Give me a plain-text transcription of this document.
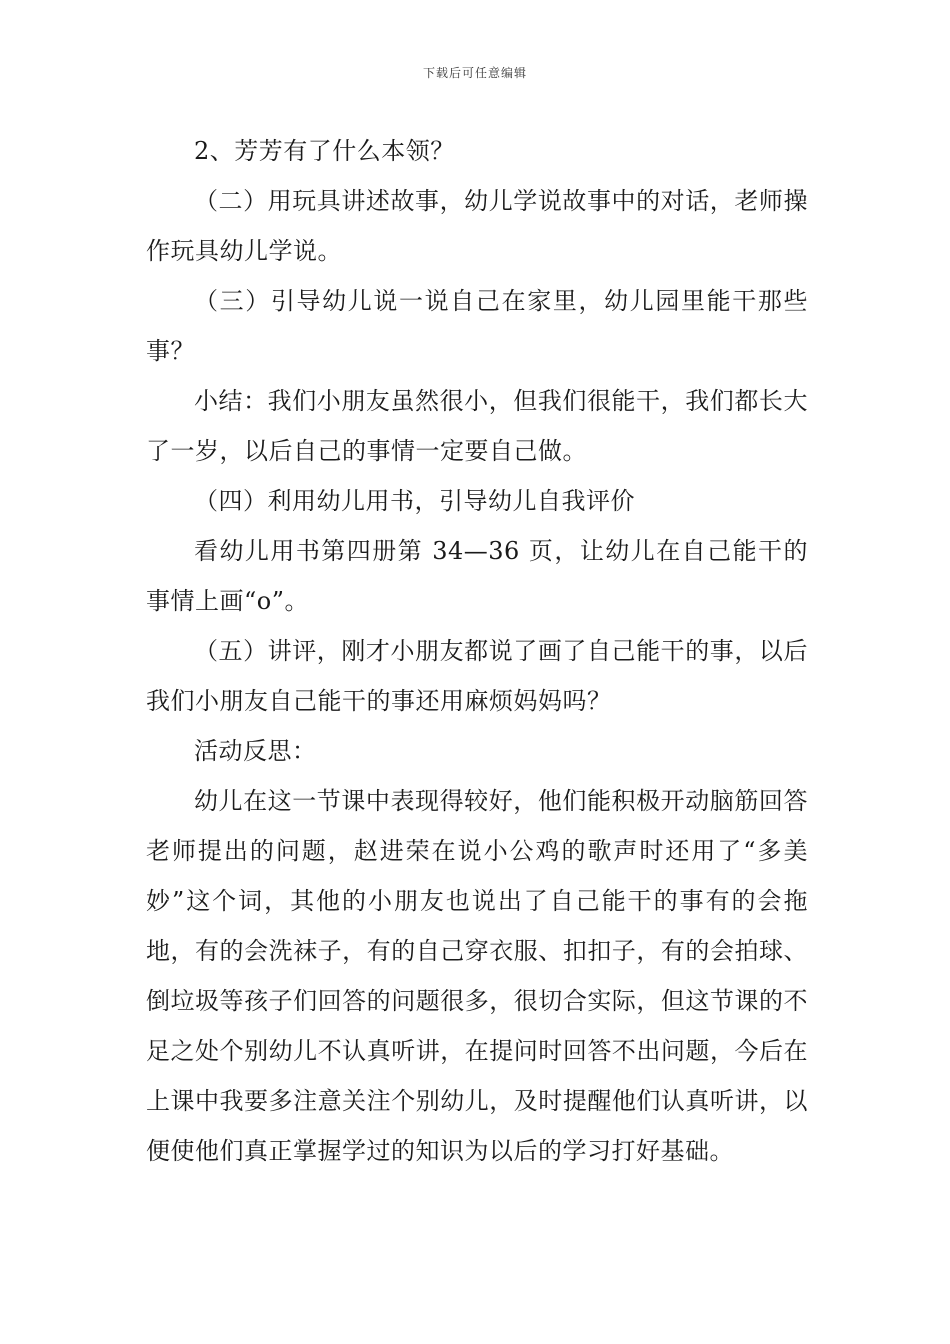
下载后可任意编辑

2、芳芳有了什么本领？

（二）用玩具讲述故事，幼儿学说故事中的对话，老师操作玩具幼儿学说。

（三）引导幼儿说一说自己在家里，幼儿园里能干那些事？

小结：我们小朋友虽然很小，但我们很能干，我们都长大了一岁，以后自己的事情一定要自己做。

（四）利用幼儿用书，引导幼儿自我评价

看幼儿用书第四册第 34—36 页，让幼儿在自己能干的事情上画“o”。

（五）讲评，刚才小朋友都说了画了自己能干的事，以后我们小朋友自己能干的事还用麻烦妈妈吗？

活动反思：

幼儿在这一节课中表现得较好，他们能积极开动脑筋回答老师提出的问题，赵进荣在说小公鸡的歌声时还用了“多美妙”这个词，其他的小朋友也说出了自己能干的事有的会拖地，有的会洗袜子，有的自己穿衣服、扣扣子，有的会拍球、倒垃圾等孩子们回答的问题很多，很切合实际，但这节课的不足之处个别幼儿不认真听讲，在提问时回答不出问题，今后在上课中我要多注意关注个别幼儿，及时提醒他们认真听讲，以便使他们真正掌握学过的知识为以后的学习打好基础。
